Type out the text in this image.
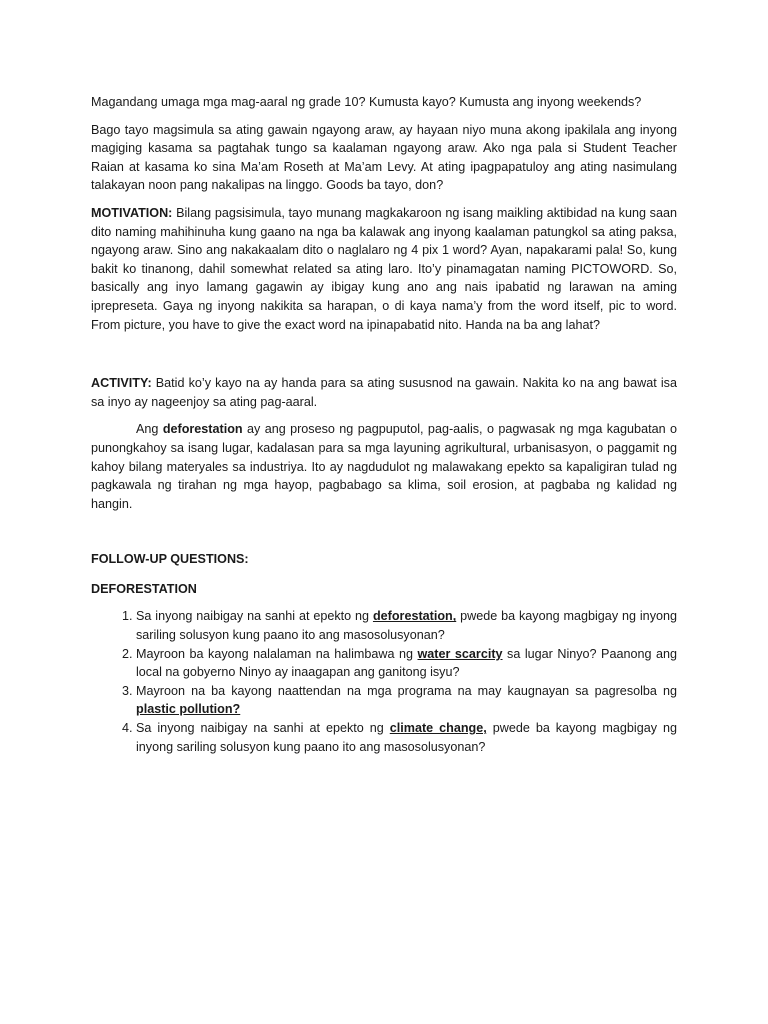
Magandang umaga mga mag-aaral ng grade 10? Kumusta kayo? Kumusta ang inyong weekends?

Bago tayo magsimula sa ating gawain ngayong araw, ay hayaan niyo muna akong ipakilala ang inyong magiging kasama sa pagtahak tungo sa kaalaman ngayong araw. Ako nga pala si Student Teacher Raian at kasama ko sina Ma’am Roseth at Ma’am Levy. At ating ipagpapatuloy ang ating nasimulang talakayan noon pang nakalipas na linggo. Goods ba tayo, don?

MOTIVATION: Bilang pagsisimula, tayo munang magkakaroon ng isang maikling aktibidad na kung saan dito naming mahihinuha kung gaano na nga ba kalawak ang inyong kaalaman patungkol sa ating paksa, ngayong araw. Sino ang nakakaalam dito o naglalaro ng 4 pix 1 word? Ayan, napakarami pala! So, kung bakit ko tinanong, dahil somewhat related sa ating laro. Ito’y pinamagatan naming PICTOWORD. So, basically ang inyo lamang gagawin ay ibigay kung ano ang nais ipabatid ng larawan na aming iprepreseta. Gaya ng inyong nakikita sa harapan, o di kaya nama’y from the word itself, pic to word. From picture, you have to give the exact word na ipinapabatid nito. Handa na ba ang lahat?

ACTIVITY: Batid ko’y kayo na ay handa para sa ating sususnod na gawain. Nakita ko na ang bawat isa sa inyo ay nageenjoy sa ating pag-aaral.

Ang deforestation ay ang proseso ng pagpuputol, pag-aalis, o pagwasak ng mga kagubatan o punongkahoy sa isang lugar, kadalasan para sa mga layuning agrikultural, urbanisasyon, o paggamit ng kahoy bilang materyales sa industriya. Ito ay nagdudulot ng malawakang epekto sa kapaligiran tulad ng pagkawala ng tirahan ng mga hayop, pagbabago sa klima, soil erosion, at pagbaba ng kalidad ng hangin.

FOLLOW-UP QUESTIONS:

DEFORESTATION

1. Sa inyong naibigay na sanhi at epekto ng deforestation, pwede ba kayong magbigay ng inyong sariling solusyon kung paano ito ang masosolusyonan?
2. Mayroon ba kayong nalalaman na halimbawa ng water scarcity sa lugar Ninyo? Paanong ang local na gobyerno Ninyo ay inaagapan ang ganitong isyu?
3. Mayroon na ba kayong naattendan na mga programa na may kaugnayan sa pagresolba ng plastic pollution?
4. Sa inyong naibigay na sanhi at epekto ng climate change, pwede ba kayong magbigay ng inyong sariling solusyon kung paano ito ang masosolusyonan?
